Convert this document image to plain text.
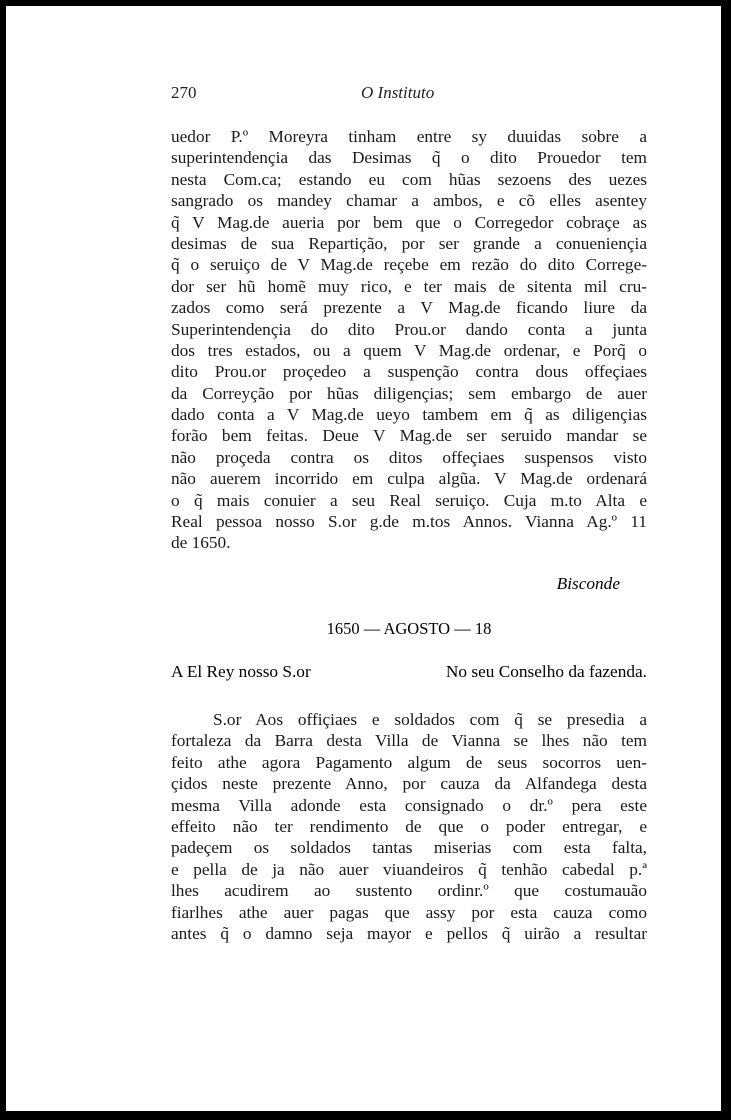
270	O Instituto
uedor P.º Moreyra tinham entre sy duuidas sobre a
superintendençia das Desimas q̃ o dito Prouedor tem
nesta Com.ca; estando eu com hũas sezoens des uezes
sangrado os mandey chamar a ambos, e cõ elles asentey
q̃ V Mag.de aueria por bem que o Corregedor cobraçe as
desimas de sua Repartição, por ser grande a conueniençia
q̃ o seruiço de V Mag.de reçebe em rezão do dito Correge-
dor ser hũ homẽ muy rico, e ter mais de sitenta mil cru-
zados como será prezente a V Mag.de ficando liure da
Superintendençia do dito Prou.or dando conta a junta
dos tres estados, ou a quem V Mag.de ordenar, e Porq̃ o
dito Prou.or proçedeo a suspenção contra dous offeçiaes
da Correyção por hũas diligençias; sem embargo de auer
dado conta a V Mag.de ueyo tambem em q̃ as diligençias
forão bem feitas. Deue V Mag.de ser seruido mandar se
não proçeda contra os ditos offeçiaes suspensos visto
não auerem incorrido em culpa algũa. V Mag.de ordenará
o q̃ mais conuier a seu Real seruiço. Cuja m.to Alta e
Real pessoa nosso S.or g.de m.tos Annos. Vianna Ag.º 11
de 1650.
Bisconde
1650 — AGOSTO — 18
A El Rey nosso S.or	No seu Conselho da fazenda.
S.or Aos offiçiaes e soldados com q̃ se presedia a
fortaleza da Barra desta Villa de Vianna se lhes não tem
feito athe agora Pagamento algum de seus socorros uen-
çidos neste prezente Anno, por cauza da Alfandega desta
mesma Villa adonde esta consignado o dr.º pera este
effeito não ter rendimento de que o poder entregar, e
padeçem os soldados tantas miserias com esta falta,
e pella de ja não auer viuandeiros q̃ tenhão cabedal p.ª
lhes acudirem ao sustento ordinr.º que costumauão
fiarlhes athe auer pagas que assy por esta cauza como
antes q̃ o damno seja mayor e pellos q̃ uirão a resultar
